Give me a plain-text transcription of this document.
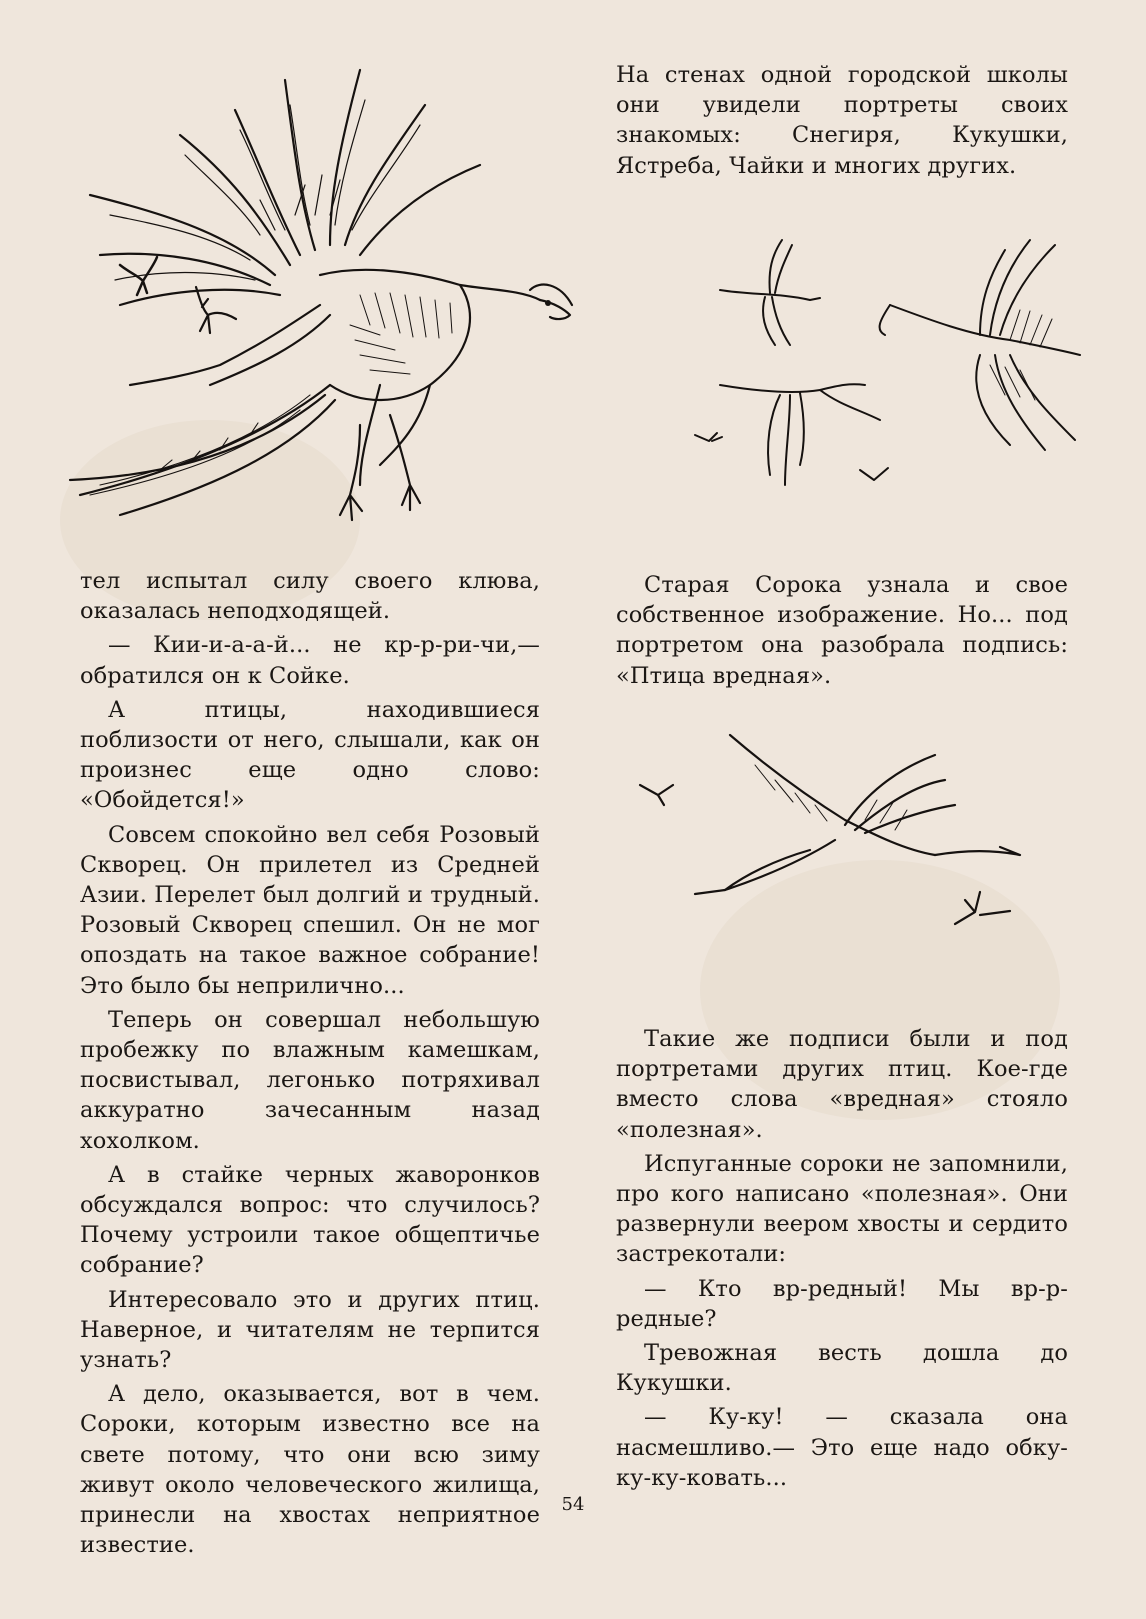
На стенах одной городской школы они увидели портреты своих знакомых: Снегиря, Кукушки, Ястреба, Чайки и многих других.

тел испытал силу своего клюва, оказалась неподходящей.

— Кии-и-а-а-й... не кр-р-ри-чи,— обратился он к Сойке.

А птицы, находившиеся поблизости от него, слышали, как он произнес еще одно слово: «Обойдется!»

Совсем спокойно вел себя Розовый Скворец. Он прилетел из Средней Азии. Перелет был долгий и трудный. Розовый Скворец спешил. Он не мог опоздать на такое важное собрание! Это было бы неприлично...

Теперь он совершал небольшую пробежку по влажным камешкам, посвистывал, легонько потряхивал аккуратно зачесанным назад хохолком.

А в стайке черных жаворонков обсуждался вопрос: что случилось? Почему устроили такое общептичье собрание?

Интересовало это и других птиц. Наверное, и читателям не терпится узнать?

А дело, оказывается, вот в чем. Сороки, которым известно все на свете потому, что они всю зиму живут около человеческого жилища, принесли на хвостах неприятное известие.

Старая Сорока узнала и свое собственное изображение. Но... под портретом она разобрала подпись: «Птица вредная».

Такие же подписи были и под портретами других птиц. Кое-где вместо слова «вредная» стояло «полезная».

Испуганные сороки не запомнили, про кого написано «полезная». Они развернули веером хвосты и сердито застрекотали:

— Кто вр-редный! Мы вр-р-редные?

Тревожная весть дошла до Кукушки.

— Ку-ку! — сказала она насмешливо.— Это еще надо обку-ку-ку-ковать...

54
